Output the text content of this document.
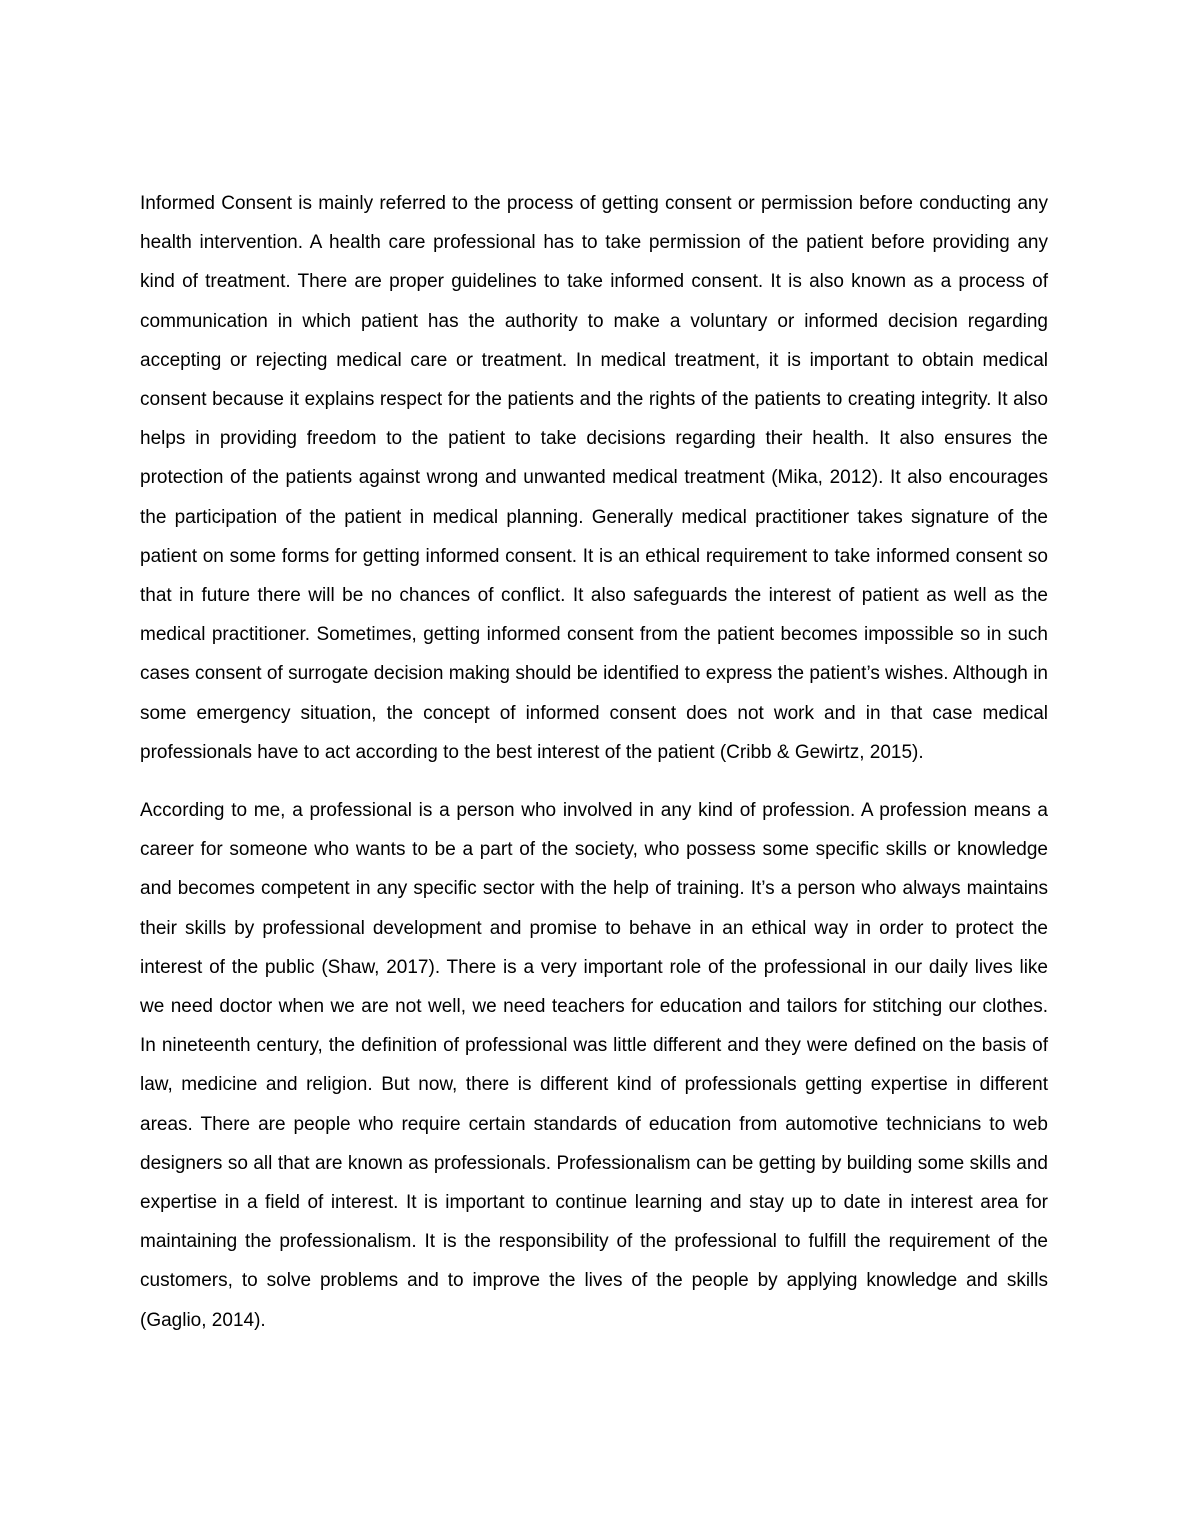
Informed Consent is mainly referred to the process of getting consent or permission before conducting any health intervention. A health care professional has to take permission of the patient before providing any kind of treatment. There are proper guidelines to take informed consent. It is also known as a process of communication in which patient has the authority to make a voluntary or informed decision regarding accepting or rejecting medical care or treatment. In medical treatment, it is important to obtain medical consent because it explains respect for the patients and the rights of the patients to creating integrity. It also helps in providing freedom to the patient to take decisions regarding their health. It also ensures the protection of the patients against wrong and unwanted medical treatment (Mika, 2012). It also encourages the participation of the patient in medical planning. Generally medical practitioner takes signature of the patient on some forms for getting informed consent. It is an ethical requirement to take informed consent so that in future there will be no chances of conflict. It also safeguards the interest of patient as well as the medical practitioner. Sometimes, getting informed consent from the patient becomes impossible so in such cases consent of surrogate decision making should be identified to express the patient’s wishes. Although in some emergency situation, the concept of informed consent does not work and in that case medical professionals have to act according to the best interest of the patient (Cribb & Gewirtz, 2015).

According to me, a professional is a person who involved in any kind of profession. A profession means a career for someone who wants to be a part of the society, who possess some specific skills or knowledge and becomes competent in any specific sector with the help of training. It’s a person who always maintains their skills by professional development and promise to behave in an ethical way in order to protect the interest of the public (Shaw, 2017). There is a very important role of the professional in our daily lives like we need doctor when we are not well, we need teachers for education and tailors for stitching our clothes. In nineteenth century, the definition of professional was little different and they were defined on the basis of law, medicine and religion. But now, there is different kind of professionals getting expertise in different areas. There are people who require certain standards of education from automotive technicians to web designers so all that are known as professionals. Professionalism can be getting by building some skills and expertise in a field of interest. It is important to continue learning and stay up to date in interest area for maintaining the professionalism. It is the responsibility of the professional to fulfill the requirement of the customers, to solve problems and to improve the lives of the people by applying knowledge and skills (Gaglio, 2014).
